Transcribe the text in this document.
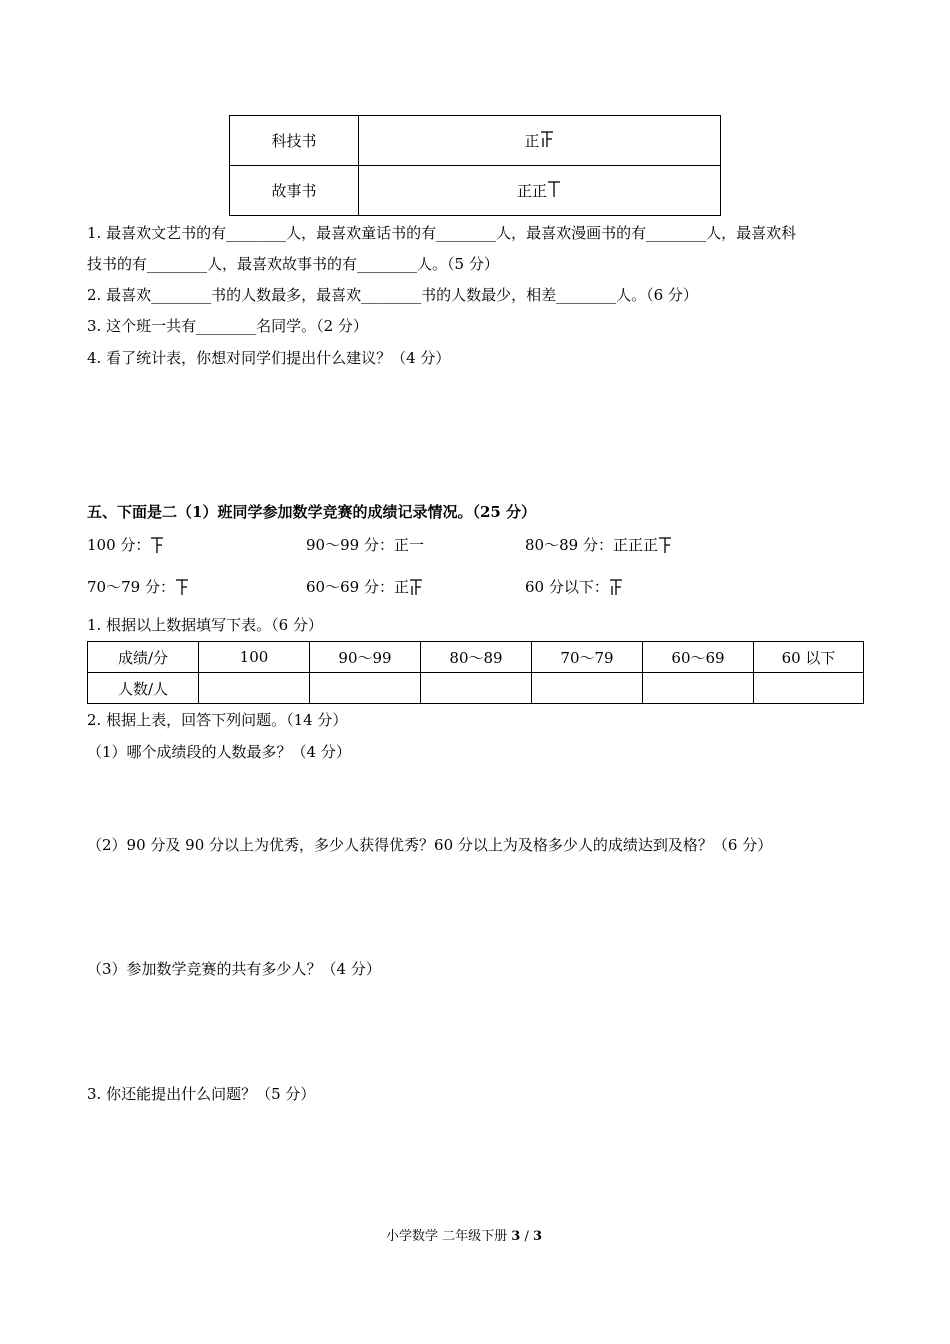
科技书	正

故事书	正正
1. 最喜欢文艺书的有________人，最喜欢童话书的有________人，最喜欢漫画书的有________人，最喜欢科
技书的有________人，最喜欢故事书的有________人。（5 分）
2. 最喜欢________书的人数最多，最喜欢________书的人数最少，相差________人。（6 分）
3. 这个班一共有________名同学。（2 分）
4. 看了统计表，你想对同学们提出什么建议？（4 分）
五、下面是二（1）班同学参加数学竞赛的成绩记录情况。（25 分）
100 分：	90～99 分：正一	80～89 分：正正正
70～79 分：	60～69 分：正	60 分以下：
1. 根据以上数据填写下表。（6 分）
成绩/分	100	90～99	80～89	70～79	60～69	60 以下
人数/人						
2. 根据上表，回答下列问题。（14 分）
（1）哪个成绩段的人数最多？（4 分）
（2）90 分及 90 分以上为优秀，多少人获得优秀？60 分以上为及格多少人的成绩达到及格？（6 分）
（3）参加数学竞赛的共有多少人？（4 分）
3. 你还能提出什么问题？（5 分）
小学数学 二年级下册 3 / 3
